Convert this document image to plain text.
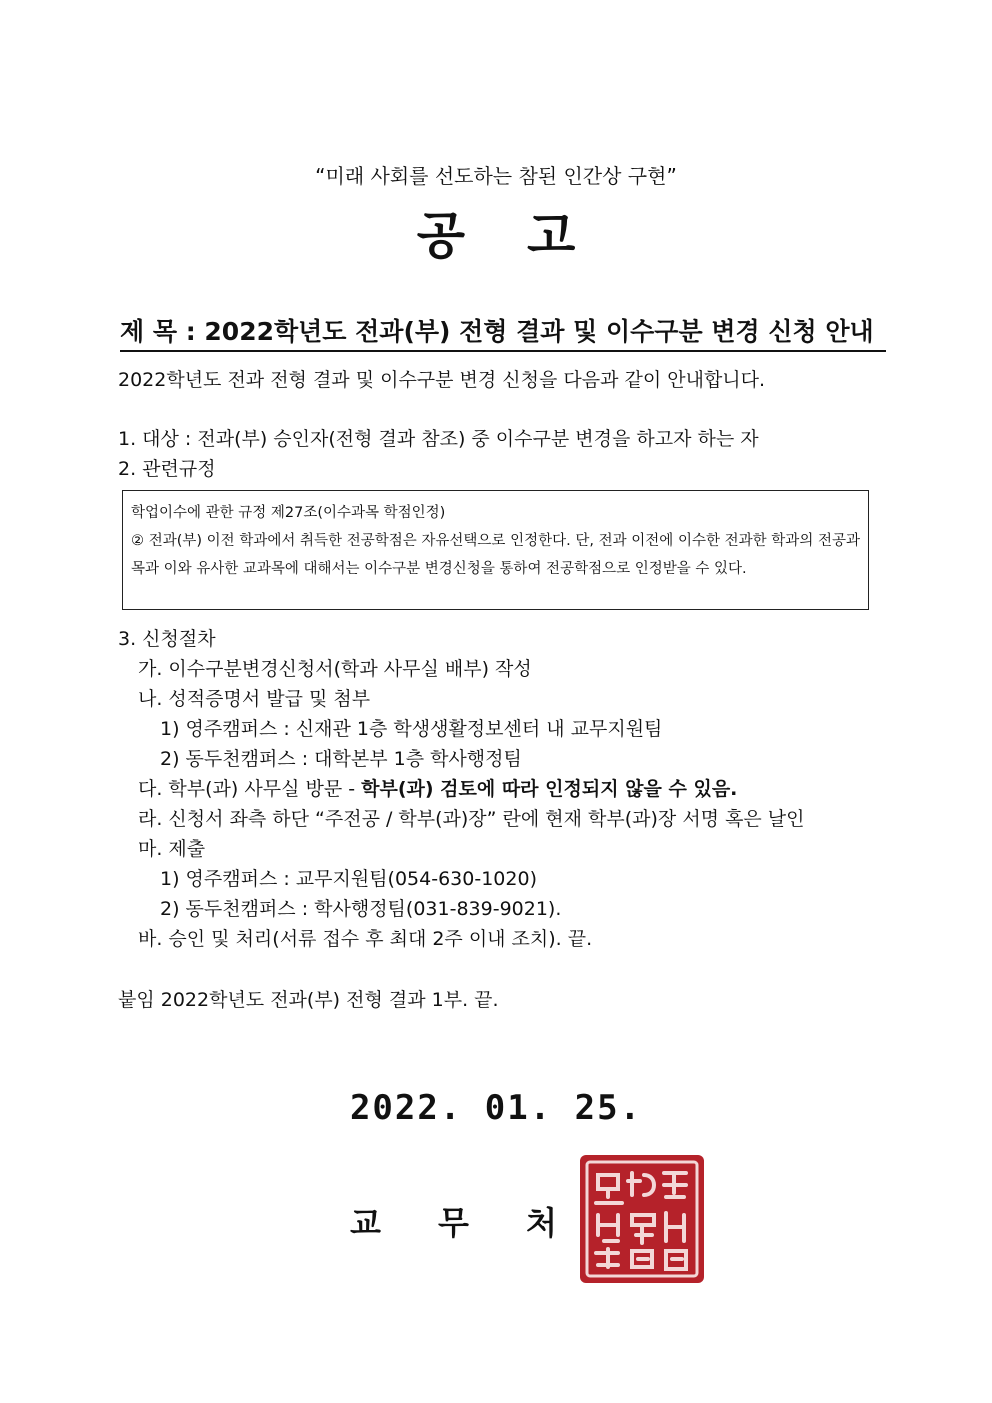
“미래 사회를 선도하는 참된 인간상 구현”
공고
제 목 : 2022학년도 전과(부) 전형 결과 및 이수구분 변경 신청 안내
2022학년도 전과 전형 결과 및 이수구분 변경 신청을 다음과 같이 안내합니다.
1. 대상 : 전과(부) 승인자(전형 결과 참조) 중 이수구분 변경을 하고자 하는 자
2. 관련규정
학업이수에 관한 규정 제27조(이수과목 학점인정)
② 전과(부) 이전 학과에서 취득한 전공학점은 자유선택으로 인정한다. 단, 전과 이전에 이수한 전과한 학과의 전공과목과 이와 유사한 교과목에 대해서는 이수구분 변경신청을 통하여 전공학점으로 인정받을 수 있다.
3. 신청절차
가. 이수구분변경신청서(학과 사무실 배부) 작성
나. 성적증명서 발급 및 첨부
1) 영주캠퍼스 : 신재관 1층 학생생활정보센터 내 교무지원팀
2) 동두천캠퍼스 : 대학본부 1층 학사행정팀
다. 학부(과) 사무실 방문 - 학부(과) 검토에 따라 인정되지 않을 수 있음.
라. 신청서 좌측 하단 “주전공 / 학부(과)장” 란에 현재 학부(과)장 서명 혹은 날인
마. 제출
1) 영주캠퍼스 : 교무지원팀(054-630-1020)
2) 동두천캠퍼스 : 학사행정팀(031-839-9021).
바. 승인 및 처리(서류 접수 후 최대 2주 이내 조치). 끝.
붙임 2022학년도 전과(부) 전형 결과 1부. 끝.
2022. 01. 25.
교 무 처
